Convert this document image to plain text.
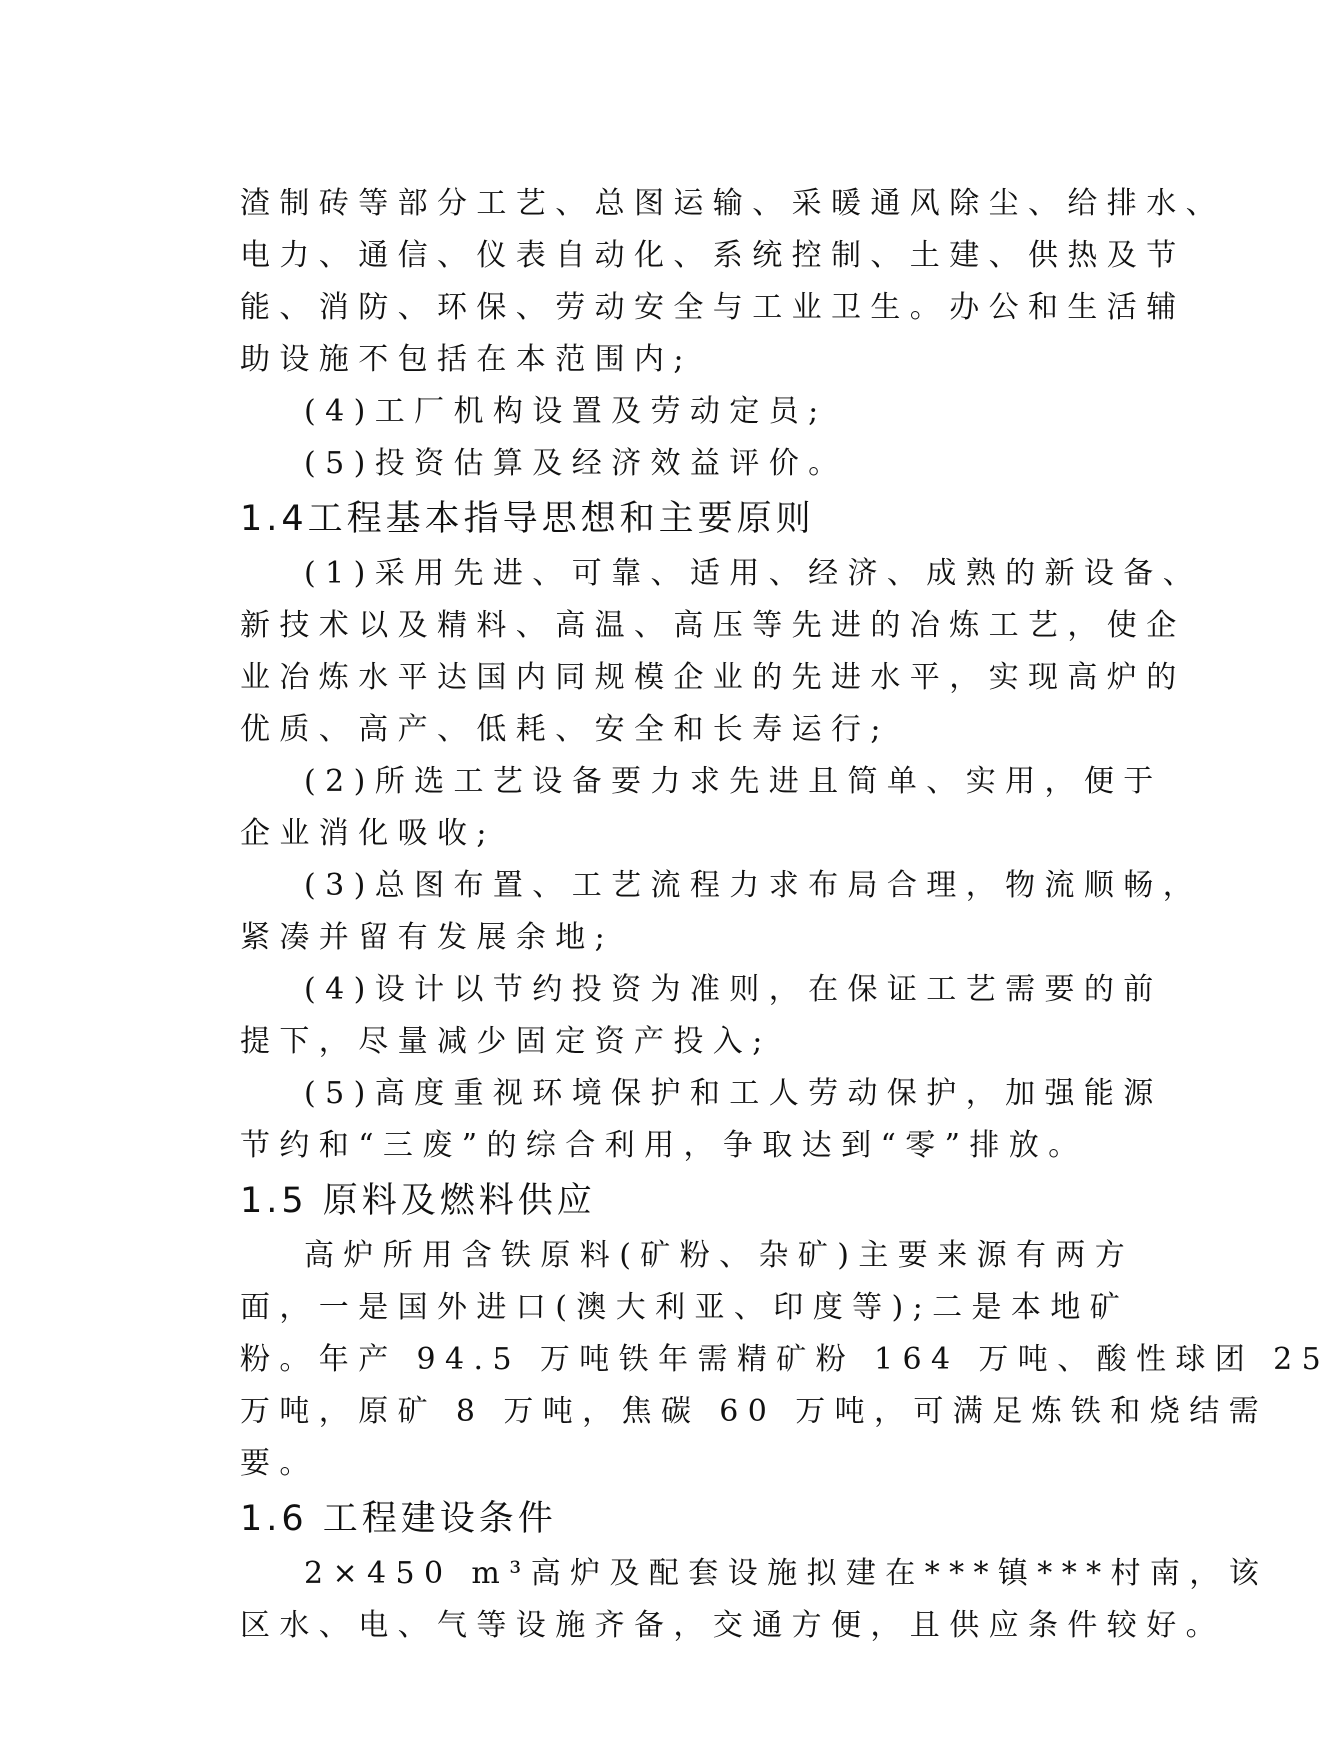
渣制砖等部分工艺、总图运输、采暖通风除尘、给排水、

电力、通信、仪表自动化、系统控制、土建、供热及节

能、消防、环保、劳动安全与工业卫生。办公和生活辅

助设施不包括在本范围内;

(4)工厂机构设置及劳动定员;

(5)投资估算及经济效益评价。

1.4工程基本指导思想和主要原则

(1)采用先进、可靠、适用、经济、成熟的新设备、

新技术以及精料、高温、高压等先进的冶炼工艺，使企

业冶炼水平达国内同规模企业的先进水平，实现高炉的

优质、高产、低耗、安全和长寿运行;

(2)所选工艺设备要力求先进且简单、实用，便于

企业消化吸收;

(3)总图布置、工艺流程力求布局合理，物流顺畅，

紧凑并留有发展余地;

(4)设计以节约投资为准则，在保证工艺需要的前

提下，尽量减少固定资产投入;

(5)高度重视环境保护和工人劳动保护，加强能源

节约和“三废”的综合利用，争取达到“零”排放。

1.5 原料及燃料供应

高炉所用含铁原料(矿粉、杂矿)主要来源有两方

面，一是国外进口(澳大利亚、印度等);二是本地矿

粉。年产 94.5 万吨铁年需精矿粉 164 万吨、酸性球团 25

万吨，原矿 8 万吨，焦碳 60 万吨，可满足炼铁和烧结需

要。

1.6 工程建设条件

2×450 m³高炉及配套设施拟建在***镇***村南，该

区水、电、气等设施齐备，交通方便，且供应条件较好。
